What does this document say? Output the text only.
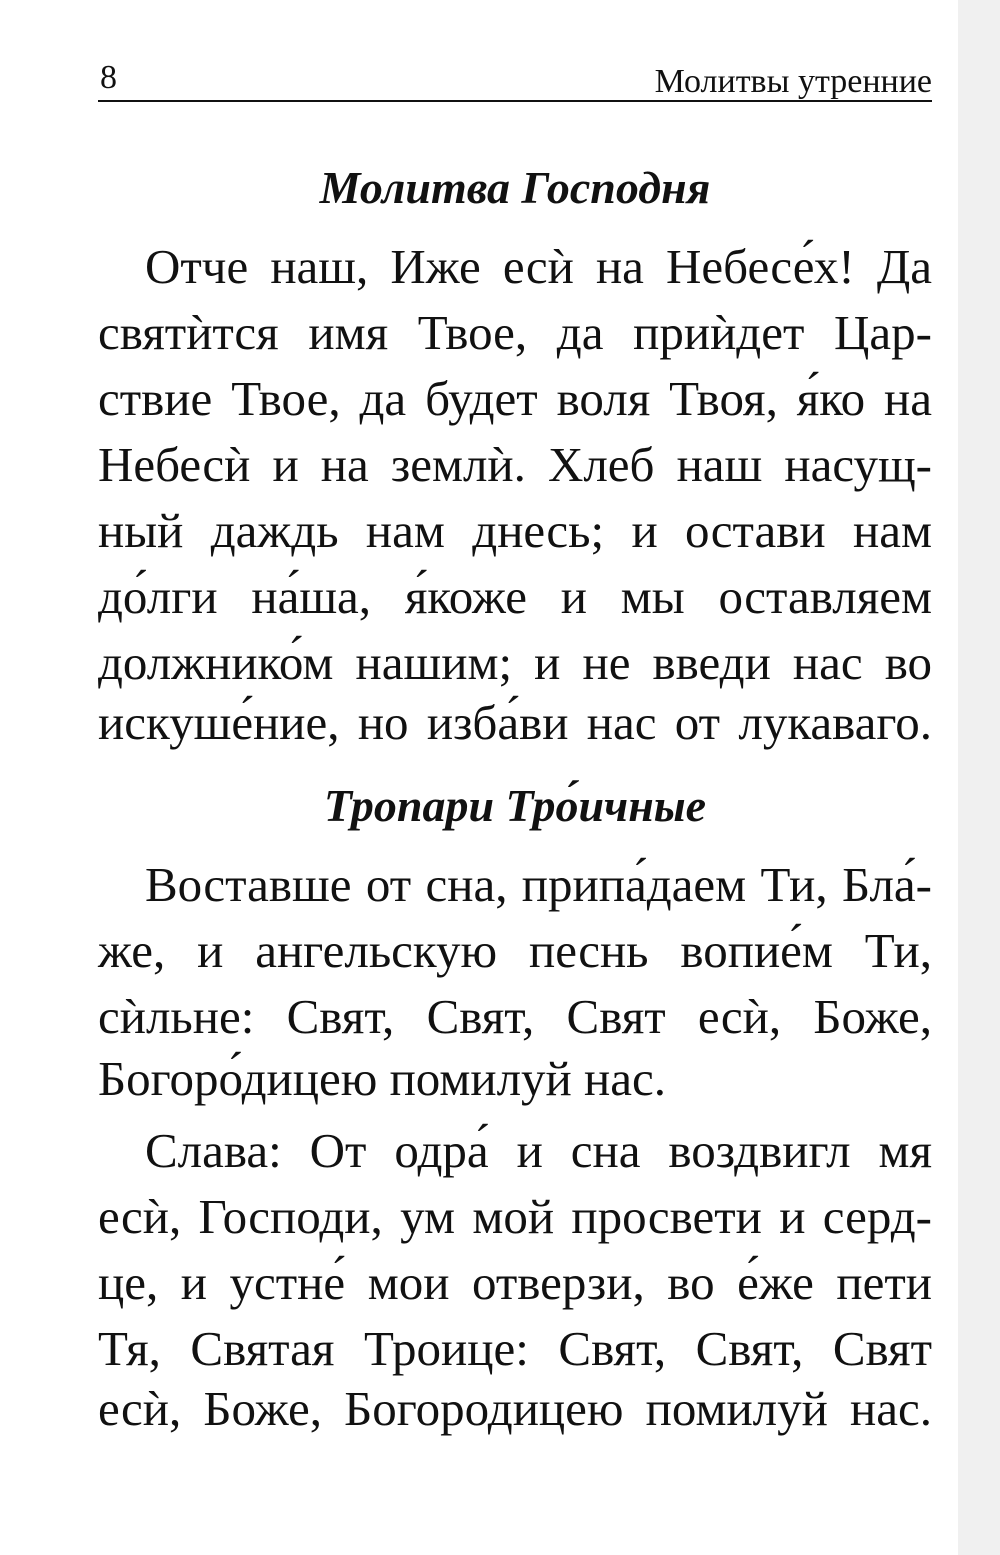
8	Молитвы утренние
Молитва Господня
Отче наш, Иже есѝ на Небесе́х! Да
святѝтся имя Твое, да приѝдет Цар-
ствие Твое, да будет воля Твоя, я́ко на
Небесѝ и на землѝ. Хлеб наш насущ-
ный даждь нам днесь; и остави нам
до́лги на́ша, я́коже и мы оставляем
должнико́м нашим; и не введи нас во
искуше́ние, но изба́ви нас от лукаваго.
Тропари Тро́ичные
Воставше от сна, припа́даем Ти, Бла́-
же, и ангельскую песнь вопие́м Ти,
сѝльне: Свят, Свят, Свят есѝ, Боже,
Богоро́дицею помилуй нас.
Слава: От одра́ и сна воздвигл мя
есѝ, Господи, ум мой просвети и серд-
це, и устне́ мои отверзи, во е́же пети
Тя, Святая Троице: Свят, Свят, Свят
есѝ, Боже, Богородицею помилуй нас.
